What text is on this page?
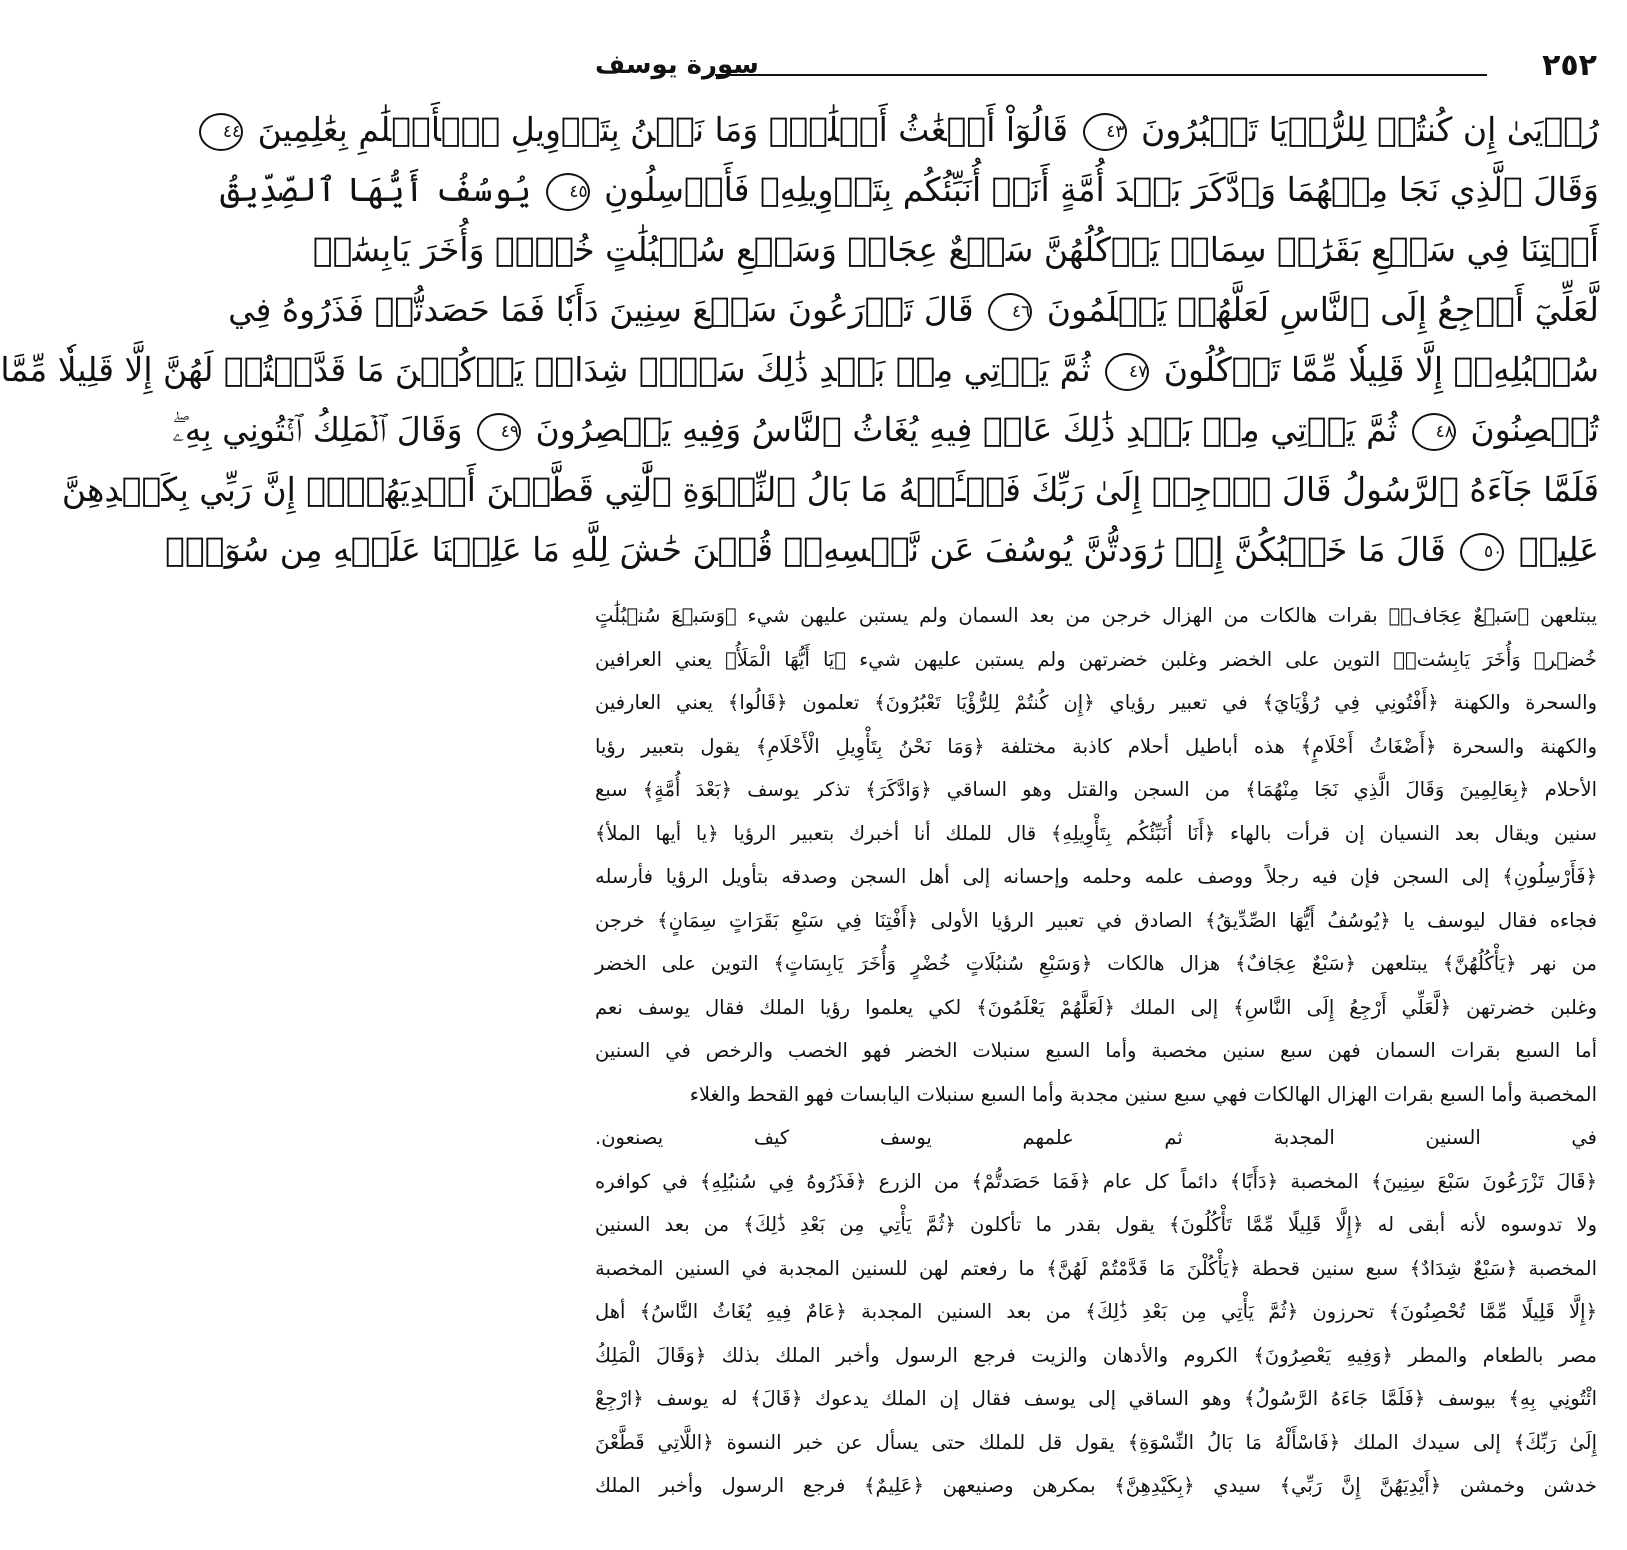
٢٥٢
سورة يوسف
رُءۡيَىٰ إِن كُنتُمۡ لِلرُّءۡيَا تَعۡبُرُونَ ٤٣ قَالُوٓاْ أَضۡغَٰثُ أَحۡلَٰمٖۖ وَمَا نَحۡنُ بِتَأۡوِيلِ ٱلۡأَحۡلَٰمِ بِعَٰلِمِينَ ٤٤
وَقَالَ ٱلَّذِي نَجَا مِنۡهُمَا وَٱدَّكَرَ بَعۡدَ أُمَّةٍ أَنَا۠ أُنَبِّئُكُم بِتَأۡوِيلِهِۦ فَأَرۡسِلُونِ ٤٥ يُوسُفُ أَيُّهَا ٱلصِّدِّيقُ
أَفۡتِنَا فِي سَبۡعِ بَقَرَٰتٖ سِمَانٖ يَأۡكُلُهُنَّ سَبۡعٌ عِجَافٞ وَسَبۡعِ سُنۢبُلَٰتٍ خُضۡرٖ وَأُخَرَ يَابِسَٰتٖ
لَّعَلِّيٓ أَرۡجِعُ إِلَى ٱلنَّاسِ لَعَلَّهُمۡ يَعۡلَمُونَ ٤٦ قَالَ تَزۡرَعُونَ سَبۡعَ سِنِينَ دَأَبٗا فَمَا حَصَدتُّمۡ فَذَرُوهُ فِي
سُنۢبُلِهِۦٓ إِلَّا قَلِيلٗا مِّمَّا تَأۡكُلُونَ ٤٧ ثُمَّ يَأۡتِي مِنۢ بَعۡدِ ذَٰلِكَ سَبۡعٞ شِدَادٞ يَأۡكُلۡنَ مَا قَدَّمۡتُمۡ لَهُنَّ إِلَّا قَلِيلٗا مِّمَّا
تُحۡصِنُونَ ٤٨ ثُمَّ يَأۡتِي مِنۢ بَعۡدِ ذَٰلِكَ عَامٞ فِيهِ يُغَاثُ ٱلنَّاسُ وَفِيهِ يَعۡصِرُونَ ٤٩ وَقَالَ ٱلۡمَلِكُ ٱئۡتُونِي بِهِۦۖ
فَلَمَّا جَآءَهُ ٱلرَّسُولُ قَالَ ٱرۡجِعۡ إِلَىٰ رَبِّكَ فَسۡـَٔلۡهُ مَا بَالُ ٱلنِّسۡوَةِ ٱلَّٰتِي قَطَّعۡنَ أَيۡدِيَهُنَّۚ إِنَّ رَبِّي بِكَيۡدِهِنَّ
عَلِيمٞ ٥٠ قَالَ مَا خَطۡبُكُنَّ إِذۡ رَٰوَدتُّنَّ يُوسُفَ عَن نَّفۡسِهِۦۚ قُلۡنَ حَٰشَ لِلَّهِ مَا عَلِمۡنَا عَلَيۡهِ مِن سُوٓءٖۚ
يبتلعهن ﴿سَبۡعٌ عِجَافٞ﴾ بقرات هالكات من الهزال خرجن من بعد السمان ولم يستبن عليهن شيء ﴿وَسَبۡعَ سُنۢبُلَٰتٍ
خُضۡرٖ وَأُخَرَ يَابِسَٰتٖ﴾ التوين على الخضر وغلبن خضرتهن ولم يستبن عليهن شيء ﴿يَا أَيُّهَا الْمَلَأُ﴾ يعني العرافين
والسحرة والكهنة ﴿أَفْتُونِي فِي رُؤْيَايَ﴾ في تعبير رؤياي ﴿إِن كُنتُمْ لِلرُّؤْيَا تَعْبُرُونَ﴾ تعلمون ﴿قَالُوا﴾ يعني العارفين
والكهنة والسحرة ﴿أَضْغَاثُ أَحْلَامٍ﴾ هذه أباطيل أحلام كاذبة مختلفة ﴿وَمَا نَحْنُ بِتَأْوِيلِ الْأَحْلَامِ﴾ يقول بتعبير رؤيا
الأحلام ﴿بِعَالِمِينَ وَقَالَ الَّذِي نَجَا مِنْهُمَا﴾ من السجن والقتل وهو الساقي ﴿وَادَّكَرَ﴾ تذكر يوسف ﴿بَعْدَ أُمَّةٍ﴾ سبع
سنين ويقال بعد النسيان إن قرأت بالهاء ﴿أَنَا أُنَبِّئُكُم بِتَأْوِيلِهِ﴾ قال للملك أنا أخبرك بتعبير الرؤيا ﴿يا أيها الملأ﴾
﴿فَأَرْسِلُونِ﴾ إلى السجن فإن فيه رجلاً ووصف علمه وحلمه وإحسانه إلى أهل السجن وصدقه بتأويل الرؤيا فأرسله
فجاءه فقال ليوسف يا ﴿يُوسُفُ أَيُّهَا الصِّدِّيقُ﴾ الصادق في تعبير الرؤيا الأولى ﴿أَفْتِنَا فِي سَبْعِ بَقَرَاتٍ سِمَانٍ﴾ خرجن
من نهر ﴿يَأْكُلُهُنَّ﴾ يبتلعهن ﴿سَبْعٌ عِجَافٌ﴾ هزال هالكات ﴿وَسَبْعِ سُنبُلَاتٍ خُضْرٍ وَأُخَرَ يَابِسَاتٍ﴾ التوين على الخضر
وغلبن خضرتهن ﴿لَّعَلِّي أَرْجِعُ إِلَى النَّاسِ﴾ إلى الملك ﴿لَعَلَّهُمْ يَعْلَمُونَ﴾ لكي يعلموا رؤيا الملك فقال يوسف نعم
أما السبع بقرات السمان فهن سبع سنين مخصبة وأما السبع سنبلات الخضر فهو الخصب والرخص في السنين
المخصبة وأما السبع بقرات الهزال الهالكات فهي سبع سنين مجدبة وأما السبع سنبلات اليابسات فهو القحط والغلاء
في السنين المجدبة ثم علمهم يوسف كيف يصنعون.
﴿قَالَ تَزْرَعُونَ سَبْعَ سِنِينَ﴾ المخصبة ﴿دَأَبًا﴾ دائماً كل عام ﴿فَمَا حَصَدتُّمْ﴾ من الزرع ﴿فَذَرُوهُ فِي سُنبُلِهِ﴾ في كوافره
ولا تدوسوه لأنه أبقى له ﴿إِلَّا قَلِيلًا مِّمَّا تَأْكُلُونَ﴾ يقول بقدر ما تأكلون ﴿ثُمَّ يَأْتِي مِن بَعْدِ ذَٰلِكَ﴾ من بعد السنين
المخصبة ﴿سَبْعٌ شِدَادٌ﴾ سبع سنين قحطة ﴿يَأْكُلْنَ مَا قَدَّمْتُمْ لَهُنَّ﴾ ما رفعتم لهن للسنين المجدبة في السنين المخصبة
﴿إِلَّا قَلِيلًا مِّمَّا تُحْصِنُونَ﴾ تحرزون ﴿ثُمَّ يَأْتِي مِن بَعْدِ ذَٰلِكَ﴾ من بعد السنين المجدبة ﴿عَامٌ فِيهِ يُغَاثُ النَّاسُ﴾ أهل
مصر بالطعام والمطر ﴿وَفِيهِ يَعْصِرُونَ﴾ الكروم والأدهان والزيت فرجع الرسول وأخبر الملك بذلك ﴿وَقَالَ الْمَلِكُ
ائْتُونِي بِهِ﴾ بيوسف ﴿فَلَمَّا جَاءَهُ الرَّسُولُ﴾ وهو الساقي إلى يوسف فقال إن الملك يدعوك ﴿قَالَ﴾ له يوسف ﴿ارْجِعْ
إِلَىٰ رَبِّكَ﴾ إلى سيدك الملك ﴿فَاسْأَلْهُ مَا بَالُ النِّسْوَةِ﴾ يقول قل للملك حتى يسأل عن خبر النسوة ﴿اللَّاتِي قَطَّعْنَ
خدشن وخمشن ﴿أَيْدِيَهُنَّ إِنَّ رَبِّي﴾ سيدي ﴿بِكَيْدِهِنَّ﴾ بمكرهن وصنيعهن ﴿عَلِيمٌ﴾ فرجع الرسول وأخبر الملك
